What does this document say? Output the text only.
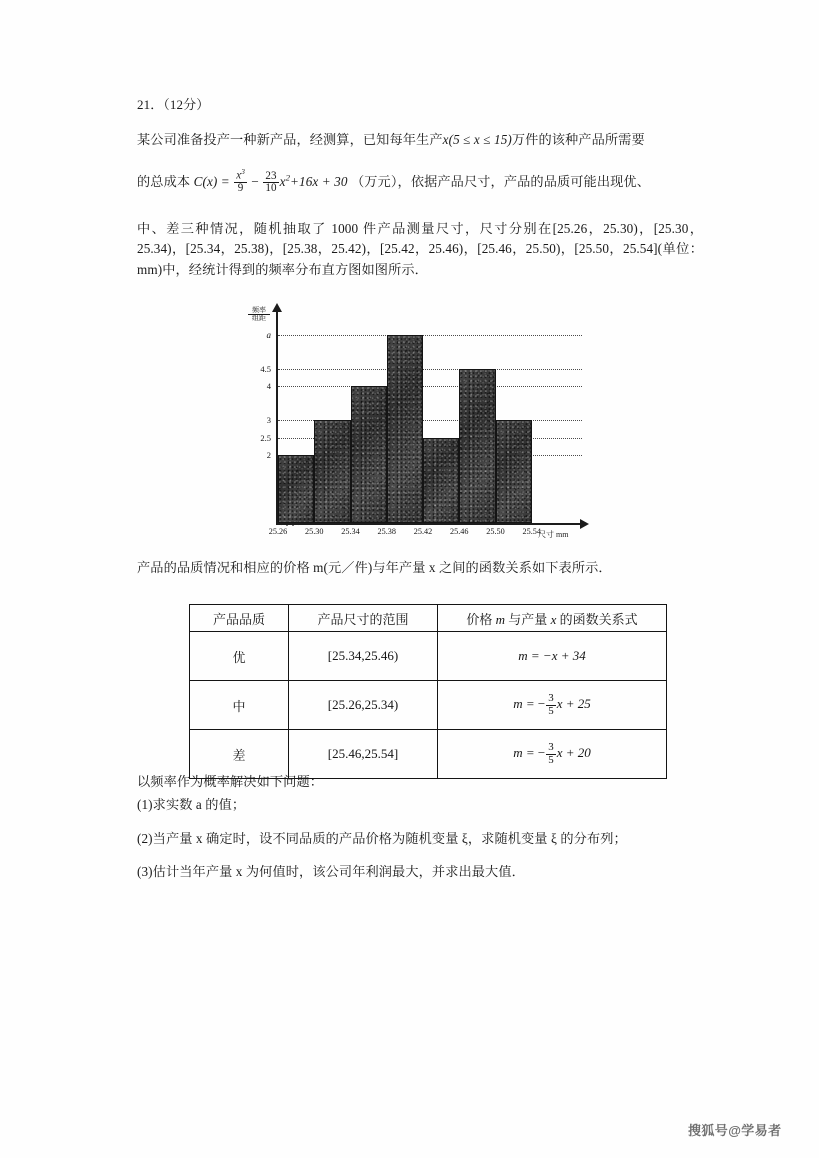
21．（12分）
某公司准备投产一种新产品，经测算，已知每年生产x(5 ≤ x ≤ 15)万件的该种产品所需要
的总成本 $C(x) = \frac{x^3}{9} - \frac{23}{10} x^2+16x + 30$ （万元），依据产品尺寸，产品的品质可能出现优、
中、差三种情况，随机抽取了 1000 件产品测量尺寸，尺寸分别在[25.26，25.30)，[25.30，25.34)，[25.34，25.38)，[25.38，25.42)，[25.42，25.46)，[25.46，25.50)，[25.50，25.54](单位：mm)中，经统计得到的频率分布直方图如图所示．
频率
组距
a
4.5
4
3
2.5
2
25.26 25.30 25.34 25.38 25.42 25.46 25.50 25.54
尺寸 mm
产品的品质情况和相应的价格 m(元／件)与年产量 x 之间的函数关系如下表所示．
产品品质	产品尺寸的范围	价格 m 与产量 x 的函数关系式
优	[25.34,25.46)	m = −x + 34
中	[25.26,25.34)	m = − $\frac{3}{5}$ x + 25
差	[25.46,25.54]	m = − $\frac{3}{5}$ x + 20
以频率作为概率解决如下问题：
(1)求实数 a 的值；
(2)当产量 x 确定时，设不同品质的产品价格为随机变量 ξ，求随机变量 ξ 的分布列；
(3)估计当年产量 x 为何值时，该公司年利润最大，并求出最大值．
搜狐号@学易者
